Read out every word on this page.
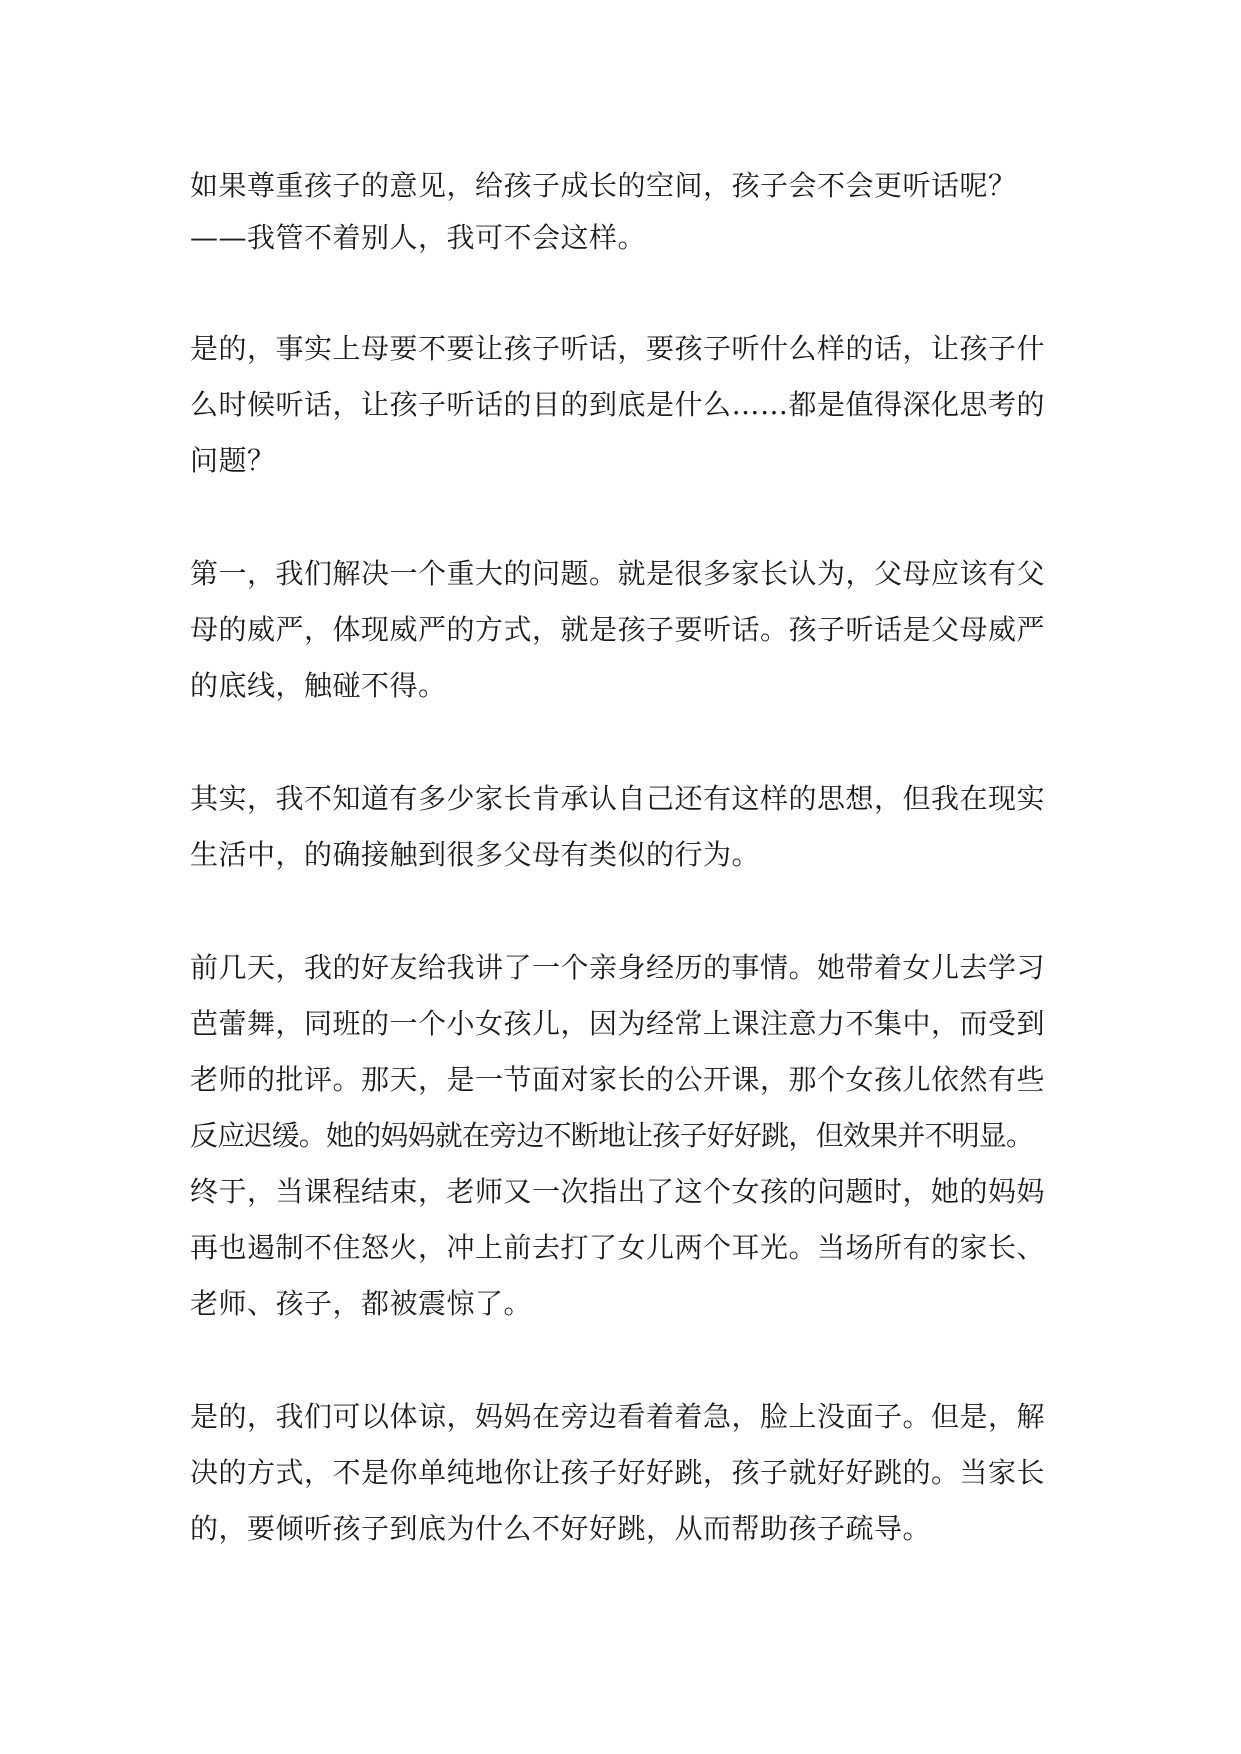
如果尊重孩子的意见，给孩子成长的空间，孩子会不会更听话呢？
——我管不着别人，我可不会这样。

是的，事实上母要不要让孩子听话，要孩子听什么样的话，让孩子什
么时候听话，让孩子听话的目的到底是什么……都是值得深化思考的
问题？

第一，我们解决一个重大的问题。就是很多家长认为，父母应该有父
母的威严，体现威严的方式，就是孩子要听话。孩子听话是父母威严
的底线，触碰不得。

其实，我不知道有多少家长肯承认自己还有这样的思想，但我在现实
生活中，的确接触到很多父母有类似的行为。

前几天，我的好友给我讲了一个亲身经历的事情。她带着女儿去学习
芭蕾舞，同班的一个小女孩儿，因为经常上课注意力不集中，而受到
老师的批评。那天，是一节面对家长的公开课，那个女孩儿依然有些
反应迟缓。她的妈妈就在旁边不断地让孩子好好跳，但效果并不明显。
终于，当课程结束，老师又一次指出了这个女孩的问题时，她的妈妈
再也遏制不住怒火，冲上前去打了女儿两个耳光。当场所有的家长、
老师、孩子，都被震惊了。

是的，我们可以体谅，妈妈在旁边看着着急，脸上没面子。但是，解
决的方式，不是你单纯地你让孩子好好跳，孩子就好好跳的。当家长
的，要倾听孩子到底为什么不好好跳，从而帮助孩子疏导。
